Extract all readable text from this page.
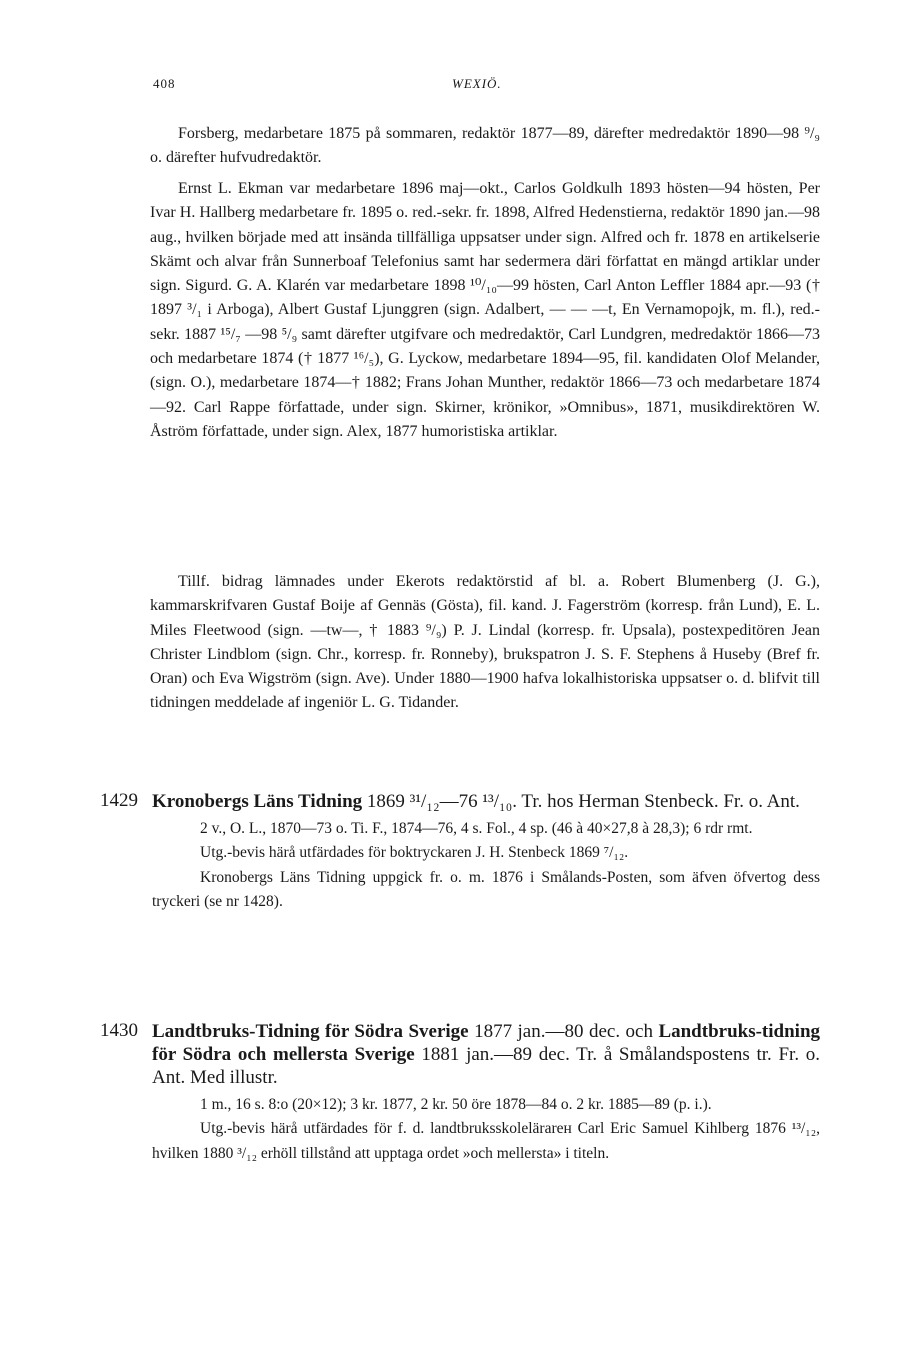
408	WEXIÖ.

Forsberg, medarbetare 1875 på sommaren, redaktör 1877—89, därefter medredaktör 1890—98 ⁹/₉ o. därefter hufvudredaktör.

Ernst L. Ekman var medarbetare 1896 maj—okt., Carlos Goldkulh 1893 hösten—94 hösten, Per Ivar H. Hallberg medarbetare fr. 1895 o. red.-sekr. fr. 1898, Alfred Hedenstierna, redaktör 1890 jan.—98 aug., hvilken började med att insända tillfälliga uppsatser under sign. Alfred och fr. 1878 en artikelserie Skämt och alvar från Sunnerboaf Telefonius samt har sedermera däri författat en mängd artiklar under sign. Sigurd. G. A. Klarén var medarbetare 1898 ¹⁰/₁₀—99 hösten, Carl Anton Leffler 1884 apr.—93 († 1897 ³/₁ i Arboga), Albert Gustaf Ljunggren (sign. Adalbert, — — —t, En Vernamopojk, m. fl.), red.-sekr. 1887 ¹⁵/₇ —98 ⁵/₉ samt därefter utgifvare och medredaktör, Carl Lundgren, medredaktör 1866—73 och medarbetare 1874 († 1877 ¹⁶/₅), G. Lyckow, medarbetare 1894—95, fil. kandidaten Olof Melander, (sign. O.), medarbetare 1874—† 1882; Frans Johan Munther, redaktör 1866—73 och medarbetare 1874—92. Carl Rappe författade, under sign. Skirner, krönikor, »Omnibus», 1871, musikdirektören W. Åström författade, under sign. Alex, 1877 humoristiska artiklar.

Tillf. bidrag lämnades under Ekerots redaktörstid af bl. a. Robert Blumenberg (J. G.), kammarskrifvaren Gustaf Boije af Gennäs (Gösta), fil. kand. J. Fagerström (korresp. från Lund), E. L. Miles Fleetwood (sign. —tw—, † 1883 ⁹/₉) P. J. Lindal (korresp. fr. Upsala), postexpeditören Jean Christer Lindblom (sign. Chr., korresp. fr. Ronneby), brukspatron J. S. F. Stephens å Huseby (Bref fr. Oran) och Eva Wigström (sign. Ave). Under 1880—1900 hafva lokalhistoriska uppsatser o. d. blifvit till tidningen meddelade af ingeniör L. G. Tidander.

1429 Kronobergs Läns Tidning 1869 ³¹/₁₂—76 ¹³/₁₀. Tr. hos Herman Stenbeck. Fr. o. Ant.

2 v., O. L., 1870—73 o. Ti. F., 1874—76, 4 s. Fol., 4 sp. (46 à 40×27,8 à 28,3); 6 rdr rmt.

Utg.-bevis härå utfärdades för boktryckaren J. H. Stenbeck 1869 ⁷/₁₂.

Kronobergs Läns Tidning uppgick fr. o. m. 1876 i Smålands-Posten, som äfven öfvertog dess tryckeri (se nr 1428).

1430 Landtbruks-Tidning för Södra Sverige 1877 jan.—80 dec. och Landtbruks-tidning för Södra och mellersta Sverige 1881 jan.—89 dec. Tr. å Smålandspostens tr. Fr. o. Ant. Med illustr.

1 m., 16 s. 8:o (20×12); 3 kr. 1877, 2 kr. 50 öre 1878—84 o. 2 kr. 1885—89 (p. i.).

Utg.-bevis härå utfärdades för f. d. landtbruksskolelärarен Carl Eric Samuel Kihlberg 1876 ¹³/₁₂, hvilken 1880 ³/₁₂ erhöll tillstånd att upptaga ordet »och mellersta» i titeln.
